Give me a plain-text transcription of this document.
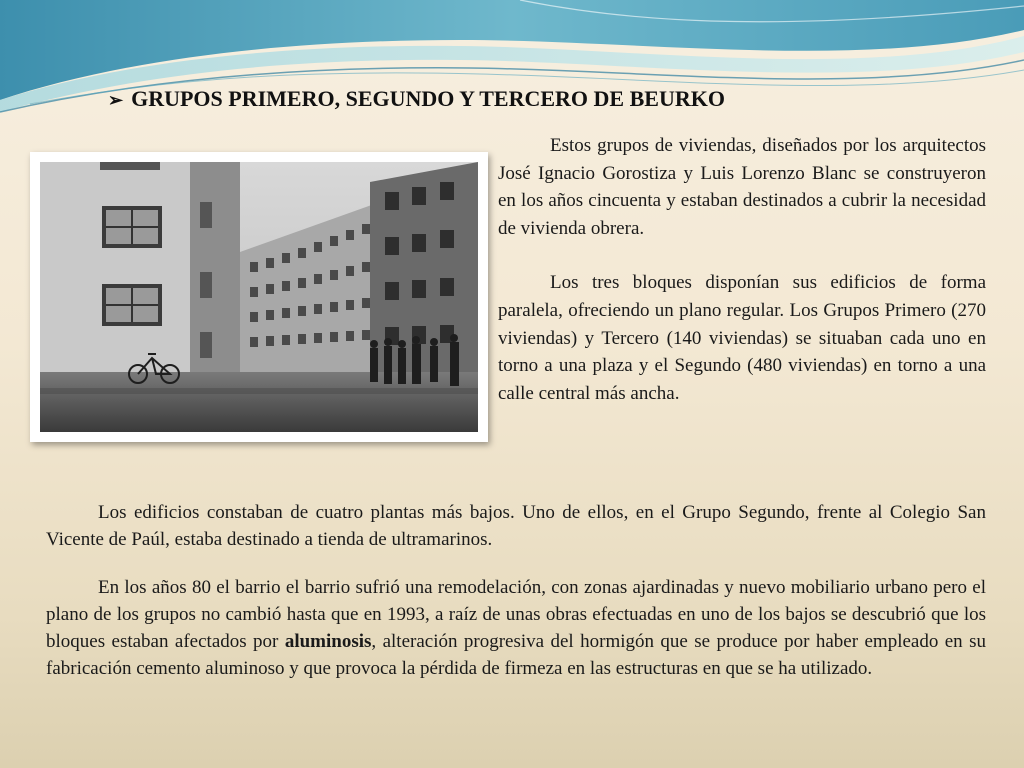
➢ GRUPOS PRIMERO, SEGUNDO Y TERCERO DE BEURKO

Estos grupos de viviendas, diseñados por los arquitectos José Ignacio Gorostiza y Luis Lorenzo Blanc se construyeron en los años cincuenta y estaban destinados a cubrir la necesidad de vivienda obrera.

Los tres bloques disponían sus edificios de forma paralela, ofreciendo un plano regular. Los Grupos Primero (270 viviendas) y Tercero (140 viviendas) se situaban cada uno en torno a una plaza y el Segundo (480 viviendas) en torno a una calle central más ancha.

Los edificios constaban de cuatro plantas más bajos. Uno de ellos, en el Grupo Segundo, frente al Colegio San Vicente de Paúl, estaba destinado a tienda de ultramarinos.

En los años 80 el barrio el barrio sufrió una remodelación, con zonas ajardinadas y nuevo mobiliario urbano pero el plano de los grupos no cambió hasta que en 1993, a raíz de unas obras efectuadas en uno de los bajos se descubrió que los bloques estaban afectados por aluminosis, alteración progresiva del hormigón que se produce por haber empleado en su fabricación cemento aluminoso y que provoca la pérdida de firmeza en las estructuras en que se ha utilizado.
